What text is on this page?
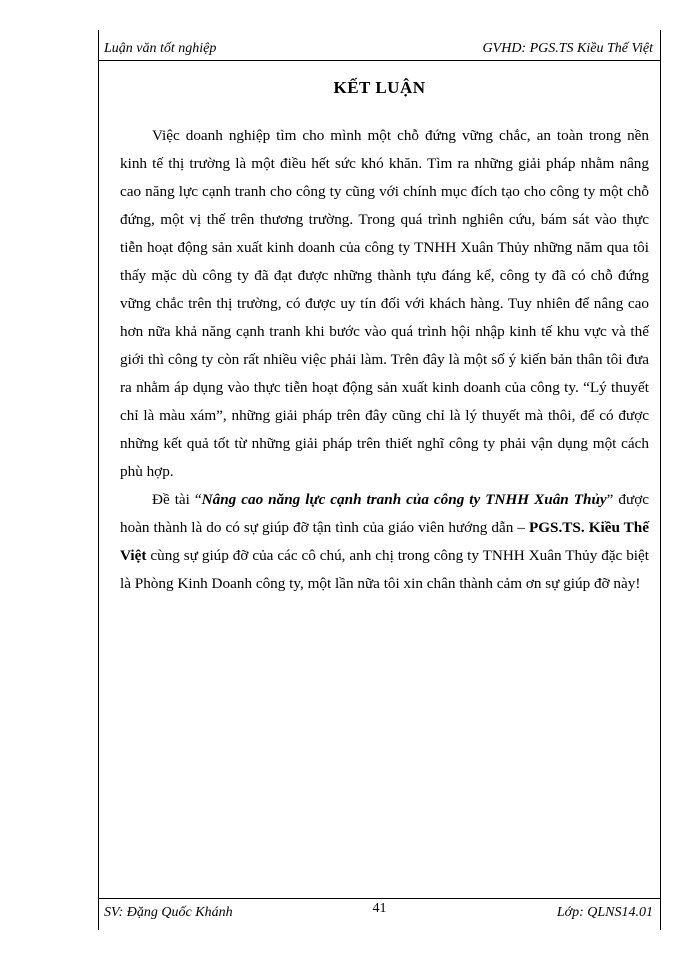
Luận văn tốt nghiệp	GVHD: PGS.TS Kiều Thế Việt
KẾT LUẬN

Việc doanh nghiệp tìm cho mình một chỗ đứng vững chắc, an toàn trong nền kinh tế thị trường là một điều hết sức khó khăn. Tìm ra những giải pháp nhằm nâng cao năng lực cạnh tranh cho công ty cũng với chính mục đích tạo cho công ty một chỗ đứng, một vị thế trên thương trường. Trong quá trình nghiên cứu, bám sát vào thực tiễn hoạt động sản xuất kinh doanh của công ty TNHH Xuân Thủy những năm qua tôi thấy mặc dù công ty đã đạt được những thành tựu đáng kể, công ty đã có chỗ đứng vững chắc trên thị trường, có được uy tín đối với khách hàng. Tuy nhiên để nâng cao hơn nữa khả năng cạnh tranh khi bước vào quá trình hội nhập kinh tế khu vực và thế giới thì công ty còn rất nhiều việc phải làm. Trên đây là một số ý kiến bản thân tôi đưa ra nhằm áp dụng vào thực tiễn hoạt động sản xuất kinh doanh của công ty. “Lý thuyết chỉ là màu xám”, những giải pháp trên đây cũng chỉ là lý thuyết mà thôi, để có được những kết quả tốt từ những giải pháp trên thiết nghĩ công ty phải vận dụng một cách phù hợp.

Đề tài “Nâng cao năng lực cạnh tranh của công ty TNHH Xuân Thủy” được hoàn thành là do có sự giúp đỡ tận tình của giáo viên hướng dẫn – PGS.TS. Kiều Thế Việt cùng sự giúp đỡ của các cô chú, anh chị trong công ty TNHH Xuân Thủy đặc biệt là Phòng Kinh Doanh công ty, một lần nữa tôi xin chân thành cảm ơn sự giúp đỡ này!

SV: Đặng Quốc Khánh	41	Lớp: QLNS14.01
